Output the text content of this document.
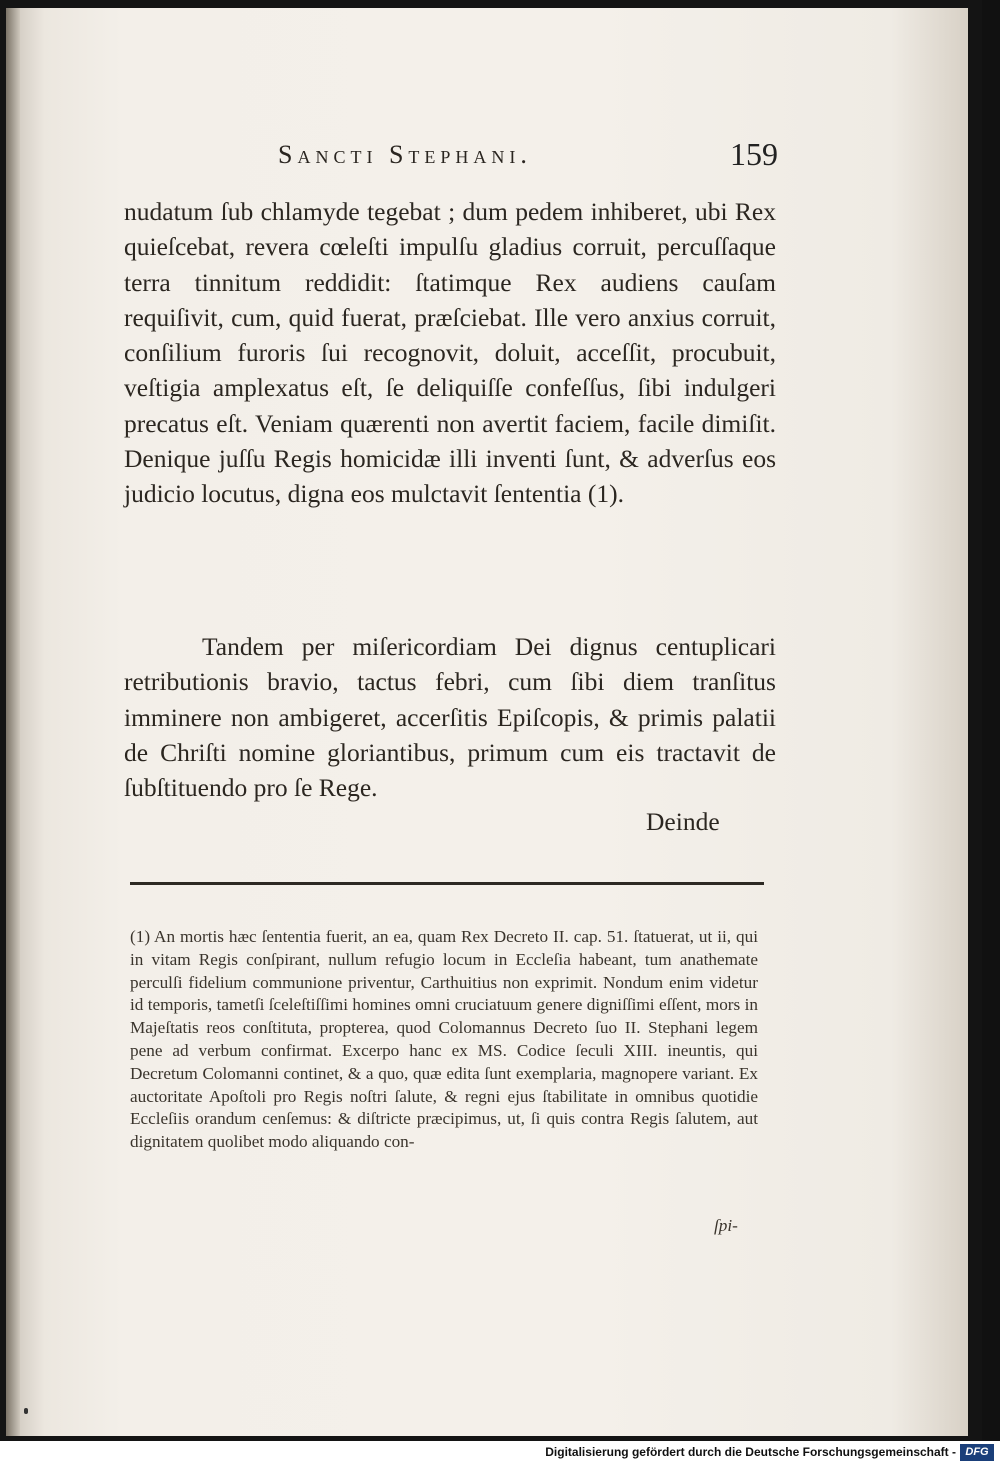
Sancti Stephani.	159
nudatum ſub chlamyde tegebat ; dum pedem inhiberet, ubi Rex quieſcebat, revera cœleſti impulſu gladius corruit, percuſſaque terra tinnitum reddidit: ſtatimque Rex audiens cauſam requiſivit, cum, quid fuerat, præſciebat. Ille vero anxius corruit, conſilium furoris ſui recognovit, doluit, acceſſit, procubuit, veſtigia amplexatus eſt, ſe deliquiſſe confeſſus, ſibi indulgeri precatus eſt. Veniam quærenti non avertit faciem, facile dimiſit. Denique juſſu Regis homicidæ illi inventi ſunt, & adverſus eos judicio locutus, digna eos mulctavit ſententia (1).
Tandem per miſericordiam Dei dignus centuplicari retributionis bravio, tactus febri, cum ſibi diem tranſitus imminere non ambigeret, accerſitis Epiſcopis, & primis palatii de Chriſti nomine gloriantibus, primum cum eis tractavit de ſubſtituendo pro ſe Rege.
Deinde
(1) An mortis hæc ſententia fuerit, an ea, quam Rex Decreto II. cap. 51. ſtatuerat, ut ii, qui in vitam Regis conſpirant, nullum refugio locum in Eccleſia habeant, tum anathemate perculſi fidelium communione priventur, Carthuitius non exprimit. Nondum enim videtur id temporis, tametſi ſceleſtiſſimi homines omni cruciatuum genere digniſſimi eſſent, mors in Majeſtatis reos conſtituta, propterea, quod Colomannus Decreto ſuo II. Stephani legem pene ad verbum confirmat. Excerpo hanc ex MS. Codice ſeculi XIII. ineuntis, qui Decretum Colomanni continet, & a quo, quæ edita ſunt exemplaria, magnopere variant. Ex auctoritate Apoſtoli pro Regis noſtri ſalute, & regni ejus ſtabilitate in omnibus quotidie Eccleſiis orandum cenſemus: & diſtricte præcipimus, ut, ſi quis contra Regis ſalutem, aut dignitatem quolibet modo aliquando con-
ſpi-
Digitalisierung gefördert durch die Deutsche Forschungsgemeinschaft - DFG
